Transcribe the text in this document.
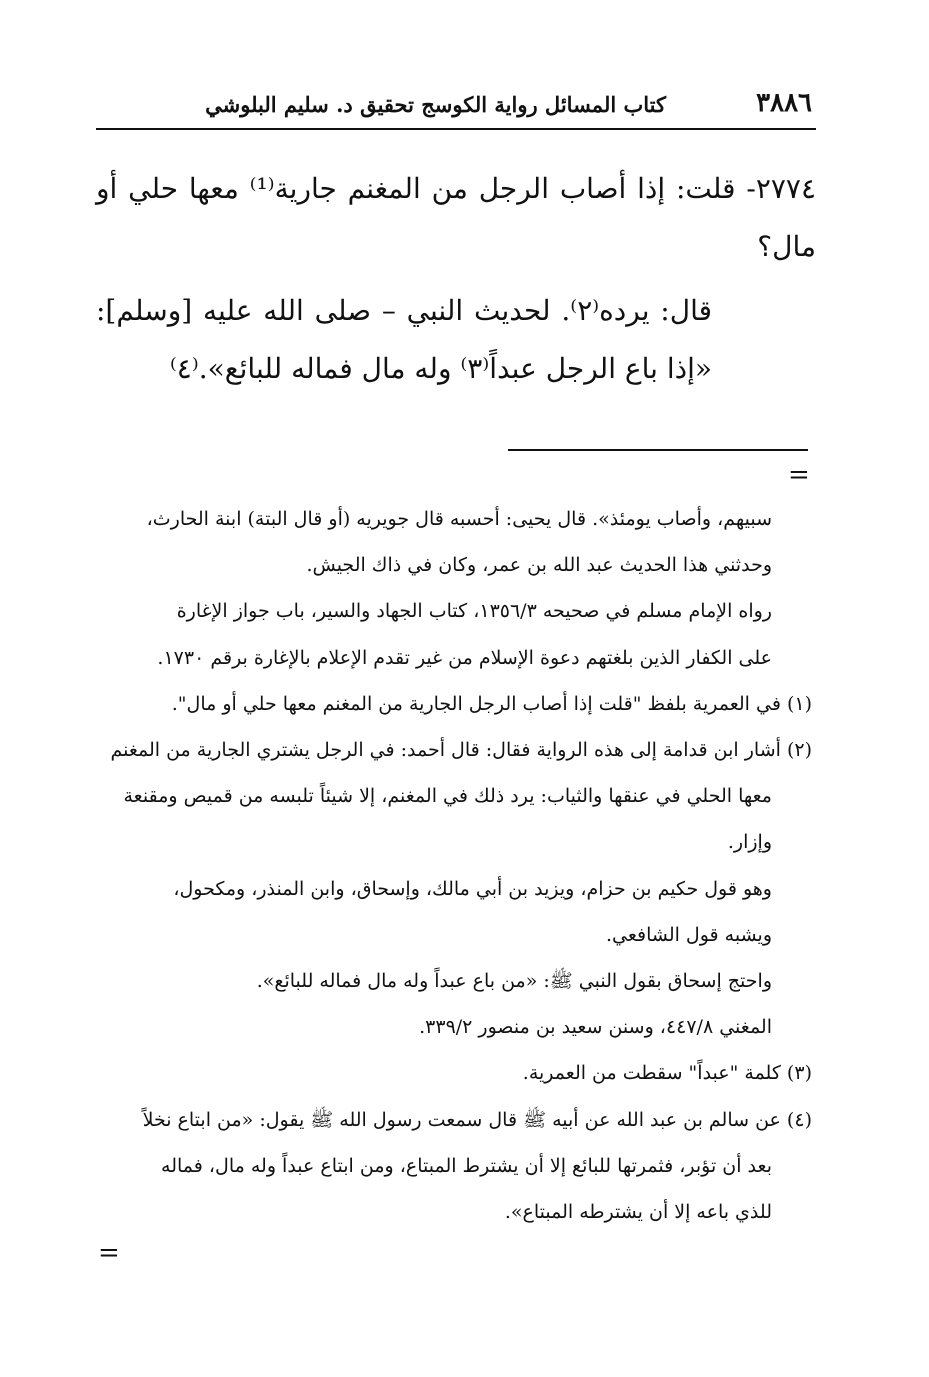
٣٨٨٦
كتاب المسائل رواية الكوسج تحقيق د. سليم البلوشي

٢٧٧٤- قلت: إذا أصاب الرجل من المغنم جارية⁽¹⁾ معها حلي أو مال؟

قال: يرده⁽٢⁾. لحديث النبي – صلى الله عليه [وسلم]: «إذا باع الرجل عبداً⁽٣⁾ وله مال فماله للبائع».⁽٤⁾

=

سبيهم، وأصاب يومئذ». قال يحيى: أحسبه قال جويريه (أو قال البتة) ابنة الحارث،

وحدثني هذا الحديث عبد الله بن عمر، وكان في ذاك الجيش.

رواه الإمام مسلم في صحيحه ١٣٥٦/٣، كتاب الجهاد والسير، باب جواز الإغارة

على الكفار الذين بلغتهم دعوة الإسلام من غير تقدم الإعلام بالإغارة برقم ١٧٣٠.

(١) في العمرية بلفظ "قلت إذا أصاب الرجل الجارية من المغنم معها حلي أو مال".

(٢) أشار ابن قدامة إلى هذه الرواية فقال: قال أحمد: في الرجل يشتري الجارية من المغنم

معها الحلي في عنقها والثياب: يرد ذلك في المغنم، إلا شيئاً تلبسه من قميص ومقنعة

وإزار.

وهو قول حكيم بن حزام، ويزيد بن أبي مالك، وإسحاق، وابن المنذر، ومكحول،

ويشبه قول الشافعي.

واحتج إسحاق بقول النبي ﷺ: «من باع عبداً وله مال فماله للبائع».

المغني ٤٤٧/٨، وسنن سعيد بن منصور ٣٣٩/٢.

(٣) كلمة "عبداً" سقطت من العمرية.

(٤) عن سالم بن عبد الله عن أبيه ﷺ قال سمعت رسول الله ﷺ يقول: «من ابتاع نخلاً

بعد أن تؤبر، فثمرتها للبائع إلا أن يشترط المبتاع، ومن ابتاع عبداً وله مال، فماله

للذي باعه إلا أن يشترطه المبتاع».

=
